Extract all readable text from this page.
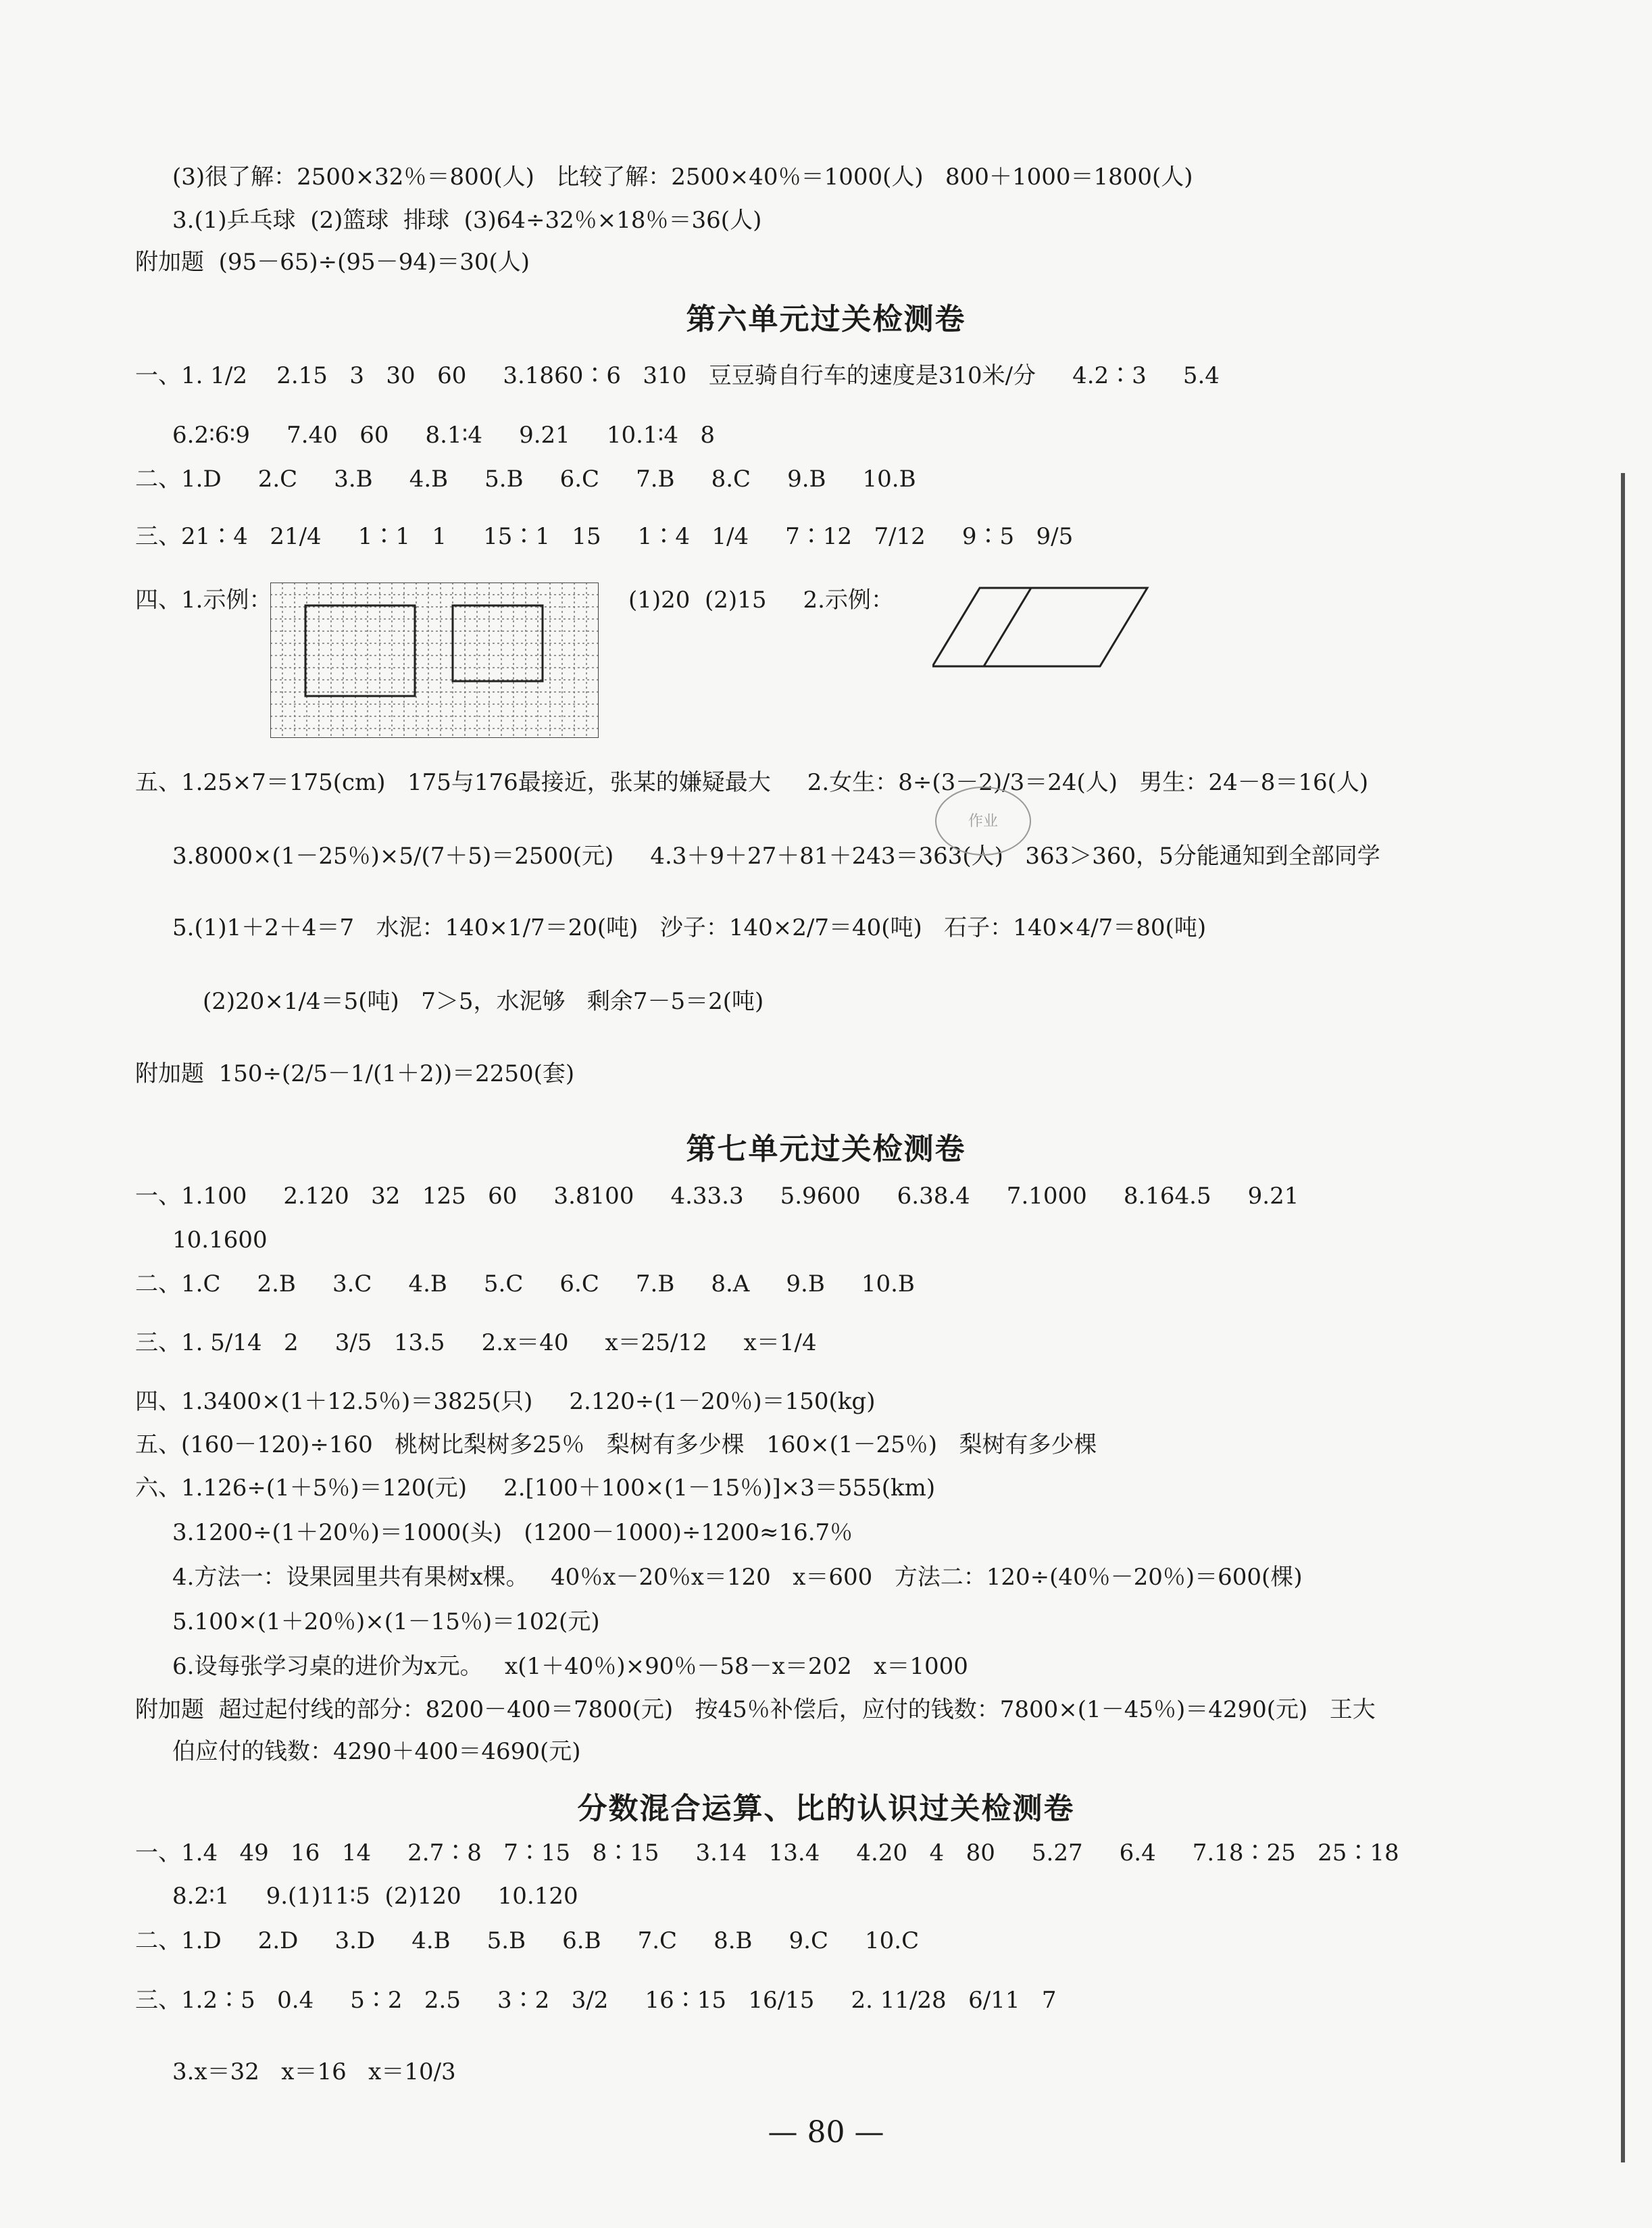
(3)很了解：2500×32％＝800(人)   比较了解：2500×40％＝1000(人)   800＋1000＝1800(人)
3.(1)乒乓球  (2)篮球  排球  (3)64÷32％×18％＝36(人)
附加题  (95－65)÷(95－94)＝30(人)
第六单元过关检测卷
一、1. 1/2    2.15   3   30   60     3.1860∶6   310   豆豆骑自行车的速度是310米/分     4.2∶3     5.4
6.2∶6∶9     7.40   60     8.1∶4     9.21     10.1∶4   8
二、1.D     2.C     3.B     4.B     5.B     6.C     7.B     8.C     9.B     10.B
三、21∶4   21/4     1∶1   1     15∶1   15     1∶4   1/4     7∶12   7/12     9∶5   9/5
四、1.示例：	(1)20  (2)15     2.示例：
五、1.25×7＝175(cm)   175与176最接近，张某的嫌疑最大     2.女生：8÷(3－2)/3＝24(人)   男生：24－8＝16(人)
3.8000×(1－25％)×5/(7＋5)＝2500(元)     4.3＋9＋27＋81＋243＝363(人)   363＞360，5分能通知到全部同学
5.(1)1＋2＋4＝7   水泥：140×1/7＝20(吨)   沙子：140×2/7＝40(吨)   石子：140×4/7＝80(吨)
(2)20×1/4＝5(吨)   7＞5，水泥够   剩余7－5＝2(吨)
附加题  150÷(2/5－1/(1＋2))＝2250(套)
第七单元过关检测卷
一、1.100     2.120   32   125   60     3.8100     4.33.3     5.9600     6.38.4     7.1000     8.164.5     9.21
10.1600
二、1.C     2.B     3.C     4.B     5.C     6.C     7.B     8.A     9.B     10.B
三、1. 5/14   2     3/5   13.5     2.x＝40     x＝25/12     x＝1/4
四、1.3400×(1＋12.5％)＝3825(只)     2.120÷(1－20％)＝150(kg)
五、(160－120)÷160   桃树比梨树多25％   梨树有多少棵   160×(1－25％)   梨树有多少棵
六、1.126÷(1＋5％)＝120(元)     2.[100＋100×(1－15％)]×3＝555(km)
3.1200÷(1＋20％)＝1000(头)   (1200－1000)÷1200≈16.7％
4.方法一：设果园里共有果树x棵。   40％x－20％x＝120   x＝600   方法二：120÷(40％－20％)＝600(棵)
5.100×(1＋20％)×(1－15％)＝102(元)
6.设每张学习桌的进价为x元。   x(1＋40％)×90％－58－x＝202   x＝1000
附加题  超过起付线的部分：8200－400＝7800(元)   按45％补偿后，应付的钱数：7800×(1－45％)＝4290(元)   王大
伯应付的钱数：4290＋400＝4690(元)
分数混合运算、比的认识过关检测卷
一、1.4   49   16   14     2.7∶8   7∶15   8∶15     3.14   13.4     4.20   4   80     5.27     6.4     7.18∶25   25∶18
8.2∶1     9.(1)11∶5  (2)120     10.120
二、1.D     2.D     3.D     4.B     5.B     6.B     7.C     8.B     9.C     10.C
三、1.2∶5   0.4     5∶2   2.5     3∶2   3/2     16∶15   16/15     2. 11/28   6/11   7
3.x＝32   x＝16   x＝10/3
作业
— 80 —
